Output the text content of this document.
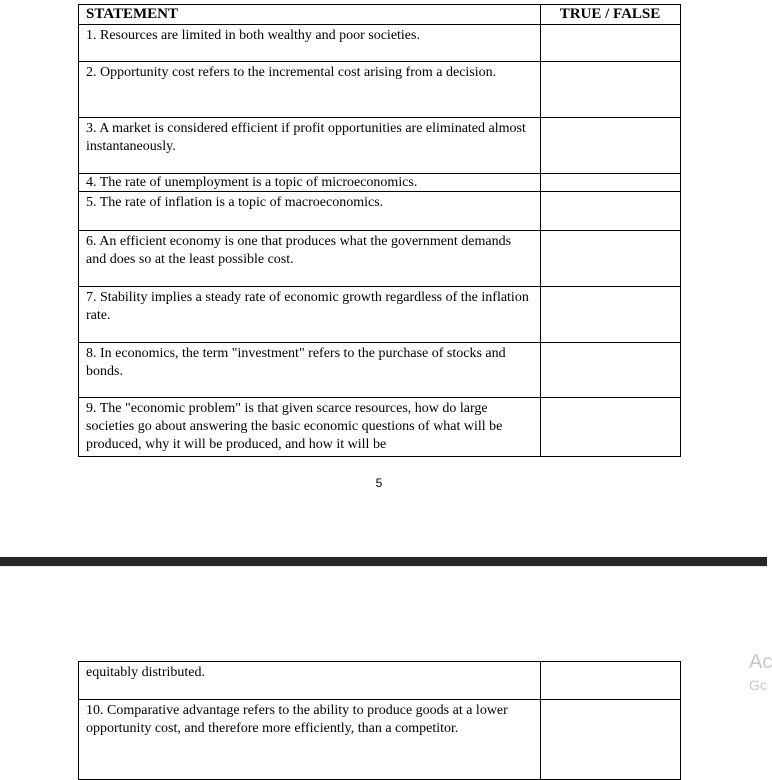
STATEMENT	TRUE / FALSE
1. Resources are limited in both wealthy and poor societies.	
2. Opportunity cost refers to the incremental cost arising from a decision.	
3. A market is considered efficient if profit opportunities are eliminated almost instantaneously.	
4. The rate of unemployment is a topic of microeconomics.	
5. The rate of inflation is a topic of macroeconomics.	
6. An efficient economy is one that produces what the government demands and does so at the least possible cost.	
7. Stability implies a steady rate of economic growth regardless of the inflation rate.	
8. In economics, the term "investment" refers to the purchase of stocks and bonds.	

9. The "economic problem" is that given scarce resources, how do large societies go about answering the basic economic questions of what will be produced, why it will be produced, and how it will be	

5
equitably distributed.	
10. Comparative advantage refers to the ability to produce goods at a lower opportunity cost, and therefore more efficiently, than a competitor.	
Ac
Gc
